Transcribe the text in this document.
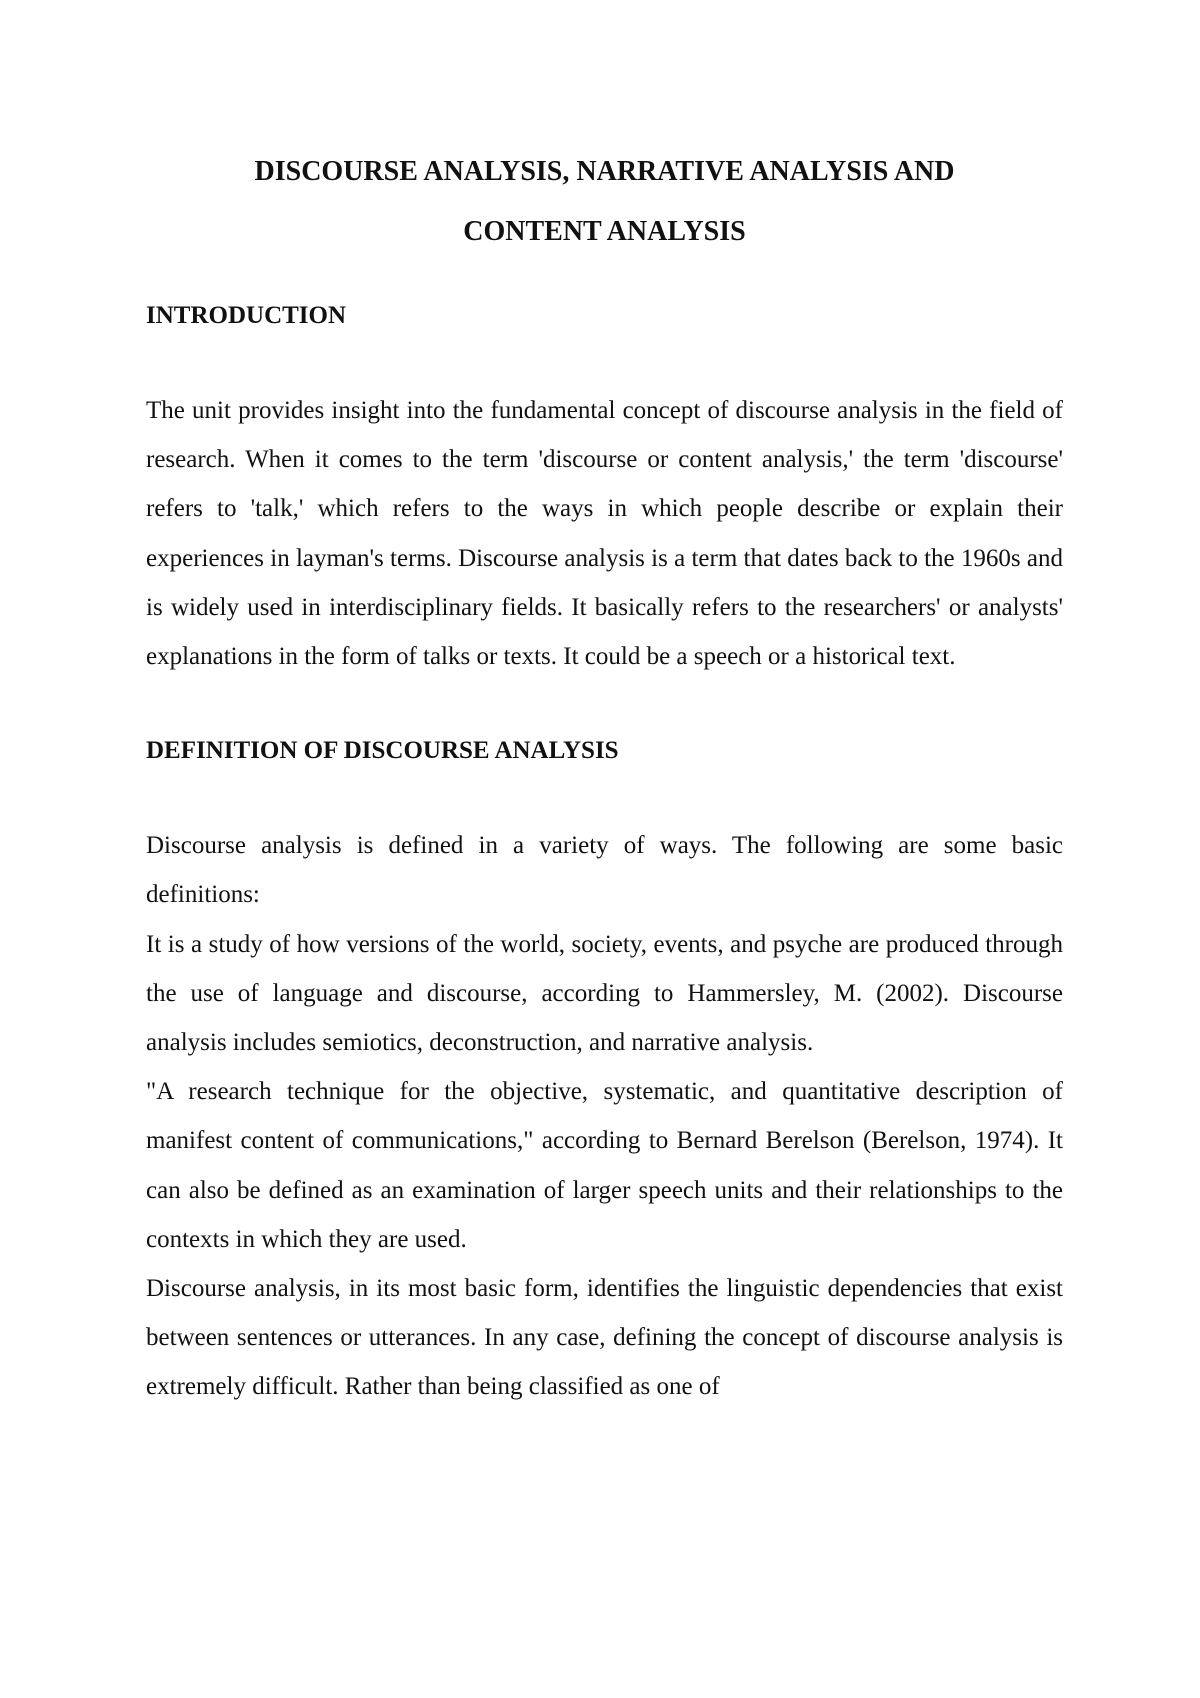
DISCOURSE ANALYSIS, NARRATIVE ANALYSIS AND

CONTENT ANALYSIS

INTRODUCTION

The unit provides insight into the fundamental concept of discourse analysis in the field of research. When it comes to the term 'discourse or content analysis,' the term 'discourse' refers to 'talk,' which refers to the ways in which people describe or explain their experiences in layman's terms. Discourse analysis is a term that dates back to the 1960s and is widely used in interdisciplinary fields. It basically refers to the researchers' or analysts' explanations in the form of talks or texts. It could be a speech or a historical text.

DEFINITION OF DISCOURSE ANALYSIS

Discourse analysis is defined in a variety of ways. The following are some basic definitions:

It is a study of how versions of the world, society, events, and psyche are produced through the use of language and discourse, according to Hammersley, M. (2002). Discourse analysis includes semiotics, deconstruction, and narrative analysis.

"A research technique for the objective, systematic, and quantitative description of manifest content of communications," according to Bernard Berelson (Berelson, 1974). It can also be defined as an examination of larger speech units and their relationships to the contexts in which they are used.

Discourse analysis, in its most basic form, identifies the linguistic dependencies that exist between sentences or utterances. In any case, defining the concept of discourse analysis is extremely difficult. Rather than being classified as one of
